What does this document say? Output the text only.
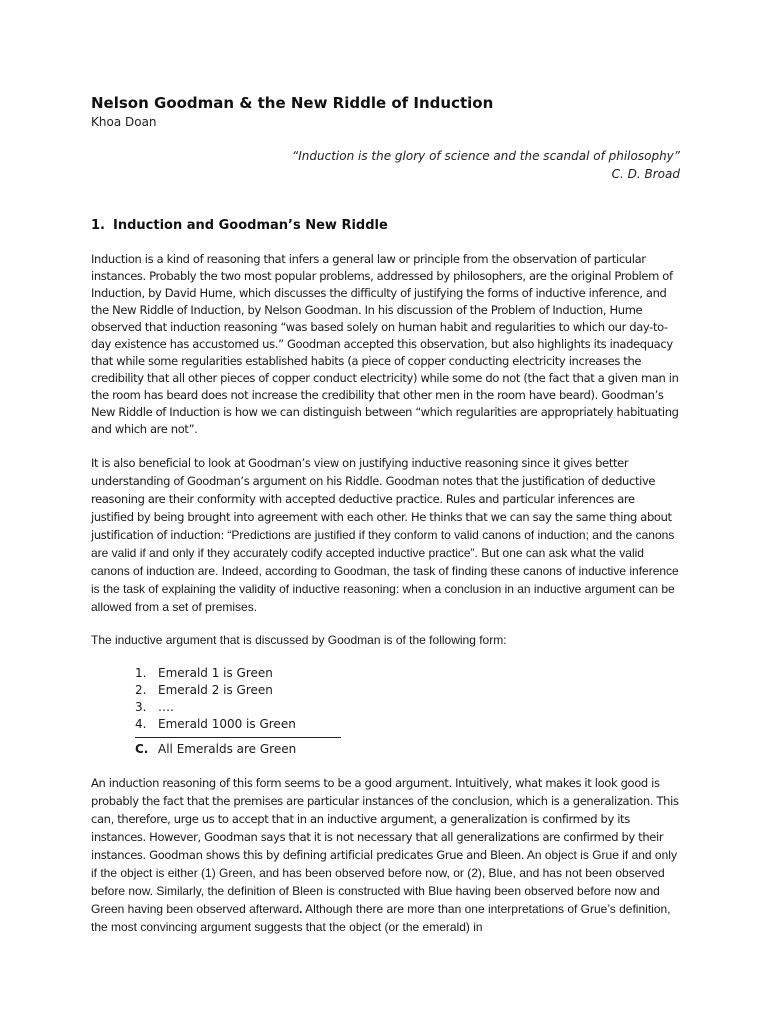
Nelson Goodman & the New Riddle of Induction
Khoa Doan
“Induction is the glory of science and the scandal of philosophy”
C. D. Broad
1. Induction and Goodman’s New Riddle

Induction is a kind of reasoning that infers a general law or principle from the observation of particular instances. Probably the two most popular problems, addressed by philosophers, are the original Problem of Induction, by David Hume, which discusses the difficulty of justifying the forms of inductive inference, and the New Riddle of Induction, by Nelson Goodman. In his discussion of the Problem of Induction, Hume observed that induction reasoning “was based solely on human habit and regularities to which our day-to-day existence has accustomed us.” Goodman accepted this observation, but also highlights its inadequacy that while some regularities established habits (a piece of copper conducting electricity increases the credibility that all other pieces of copper conduct electricity) while some do not (the fact that a given man in the room has beard does not increase the credibility that other men in the room have beard). Goodman’s New Riddle of Induction is how we can distinguish between “which regularities are appropriately habituating and which are not”.

It is also beneficial to look at Goodman’s view on justifying inductive reasoning since it gives better understanding of Goodman’s argument on his Riddle. Goodman notes that the justification of deductive reasoning are their conformity with accepted deductive practice. Rules and particular inferences are justified by being brought into agreement with each other. He thinks that we can say the same thing about justification of induction: “Predictions are justified if they conform to valid canons of induction; and the canons are valid if and only if they accurately codify accepted inductive practice”. But one can ask what the valid canons of induction are. Indeed, according to Goodman, the task of finding these canons of inductive inference is the task of explaining the validity of inductive reasoning: when a conclusion in an inductive argument can be allowed from a set of premises.

The inductive argument that is discussed by Goodman is of the following form:

1. Emerald 1 is Green
2. Emerald 2 is Green
3. ….
4. Emerald 1000 is Green
C. All Emeralds are Green

An induction reasoning of this form seems to be a good argument. Intuitively, what makes it look good is probably the fact that the premises are particular instances of the conclusion, which is a generalization. This can, therefore, urge us to accept that in an inductive argument, a generalization is confirmed by its instances. However, Goodman says that it is not necessary that all generalizations are confirmed by their instances. Goodman shows this by defining artificial predicates Grue and Bleen. An object is Grue if and only if the object is either (1) Green, and has been observed before now, or (2), Blue, and has not been observed before now. Similarly, the definition of Bleen is constructed with Blue having been observed before now and Green having been observed afterward. Although there are more than one interpretations of Grue’s definition, the most convincing argument suggests that the object (or the emerald) in
